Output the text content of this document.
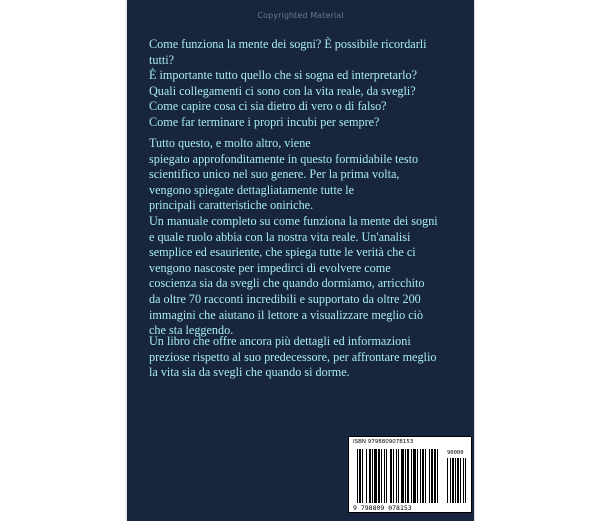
Copyrighted Material

Come funziona la mente dei sogni? È possibile ricordarli

tutti?

È importante tutto quello che si sogna ed interpretarlo?

Quali collegamenti ci sono con la vita reale, da svegli?

Come capire cosa ci sia dietro di vero o di falso?

Come far terminare i propri incubi per sempre?

Tutto questo, e molto altro, viene

spiegato approfonditamente in questo formidabile testo

scientifico unico nel suo genere. Per la prima volta,

vengono spiegate dettagliatamente tutte le

principali caratteristiche oniriche.

Un manuale completo su come funziona la mente dei sogni

e quale ruolo abbia con la nostra vita reale. Un'analisi

semplice ed esauriente, che spiega tutte le verità che ci

vengono nascoste per impedirci di evolvere come

coscienza sia da svegli che quando dormiamo, arricchito

da oltre 70 racconti incredibili e supportato da oltre 200

immagini che aiutano il lettore a visualizzare meglio ciò

che sta leggendo.

Un libro che offre ancora più dettagli ed informazioni

preziose rispetto al suo predecessore, per affrontare meglio

la vita sia da svegli che quando si dorme.

ISBN 9798809078153
90000
9 798809 078153
